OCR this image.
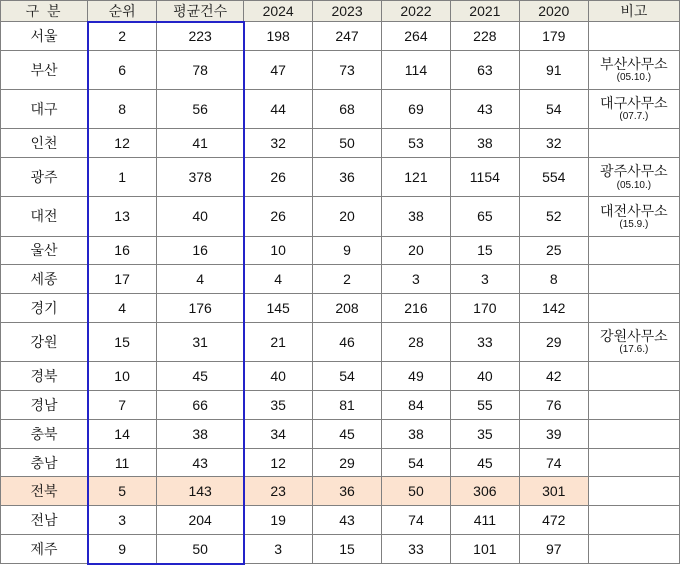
구 분	순위	평균건수	2024	2023	2022	2021	2020	비고
서울	2	223	198	247	264	228	179	

부산	6	78	47	73	114	63	91	부산사무소
(05.10.)

대구	8	56	44	68	69	43	54	대구사무소
(07.7.)

인천	12	41	32	50	53	38	32	

광주	1	378	26	36	121	1154	554	광주사무소
(05.10.)

대전	13	40	26	20	38	65	52	대전사무소
(15.9.)

울산	16	16	10	9	20	15	25	

세종	17	4	4	2	3	3	8	

경기	4	176	145	208	216	170	142	

강원	15	31	21	46	28	33	29	강원사무소
(17.6.)

경북	10	45	40	54	49	40	42	

경남	7	66	35	81	84	55	76	

충북	14	38	34	45	38	35	39	

충남	11	43	12	29	54	45	74	

전북	5	143	23	36	50	306	301	

전남	3	204	19	43	74	411	472	

제주	9	50	3	15	33	101	97	
